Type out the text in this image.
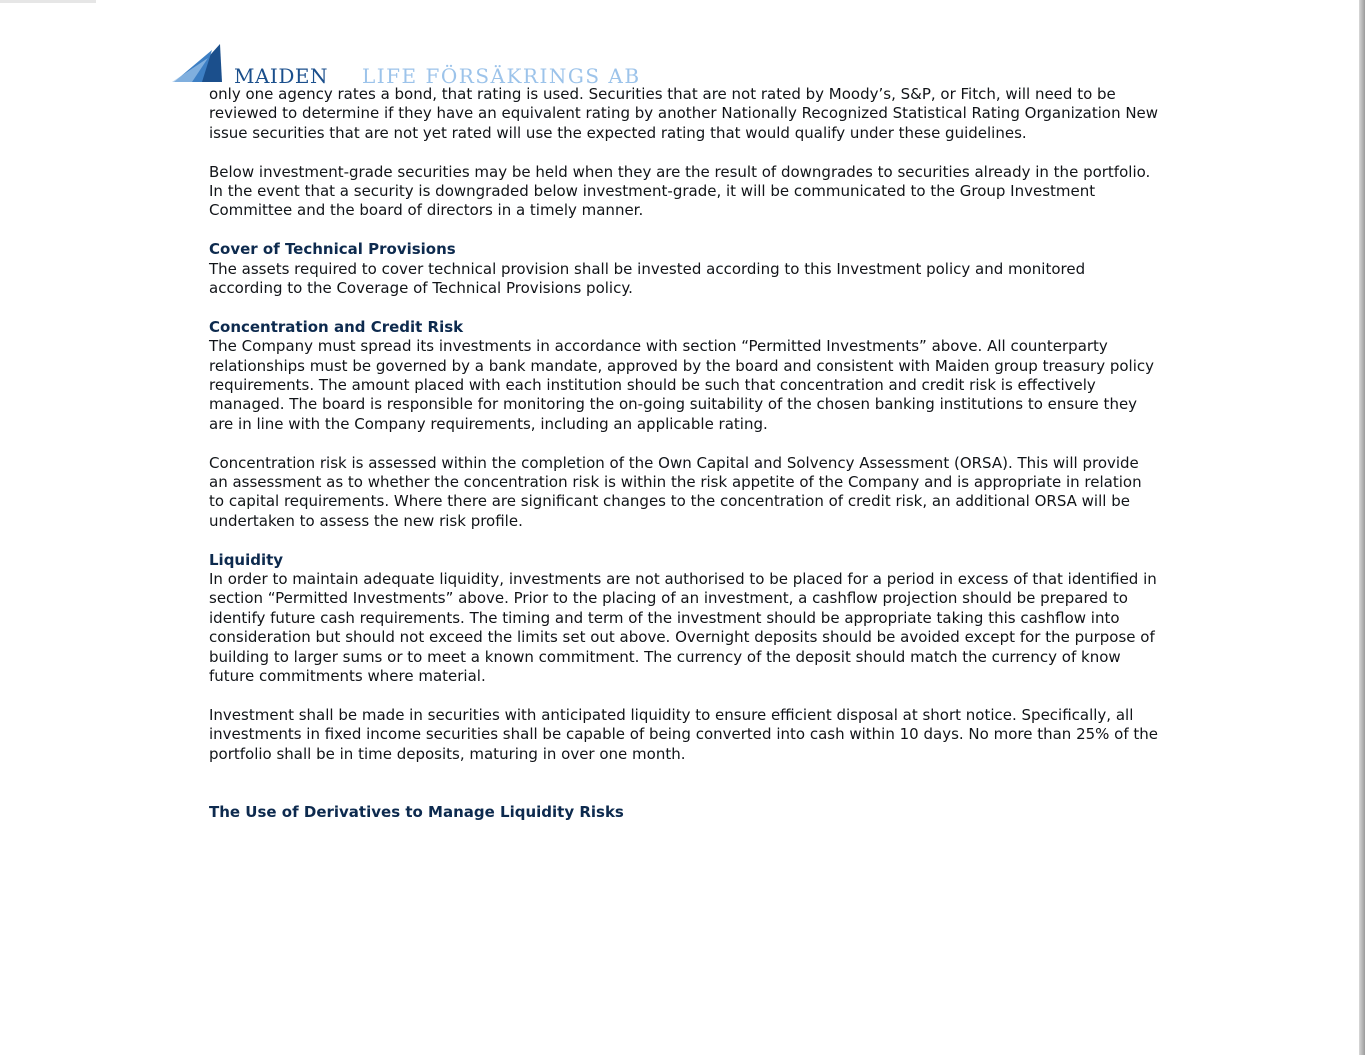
MAIDEN LIFE FÖRSÄKRINGS AB

only one agency rates a bond, that rating is used. Securities that are not rated by Moody’s, S&P, or Fitch, will need to be reviewed to determine if they have an equivalent rating by another Nationally Recognized Statistical Rating Organization New issue securities that are not yet rated will use the expected rating that would qualify under these guidelines.

Below investment-grade securities may be held when they are the result of downgrades to securities already in the portfolio. In the event that a security is downgraded below investment-grade, it will be communicated to the Group Investment Committee and the board of directors in a timely manner.

Cover of Technical Provisions

The assets required to cover technical provision shall be invested according to this Investment policy and monitored according to the Coverage of Technical Provisions policy.

Concentration and Credit Risk

The Company must spread its investments in accordance with section “Permitted Investments” above. All counterparty relationships must be governed by a bank mandate, approved by the board and consistent with Maiden group treasury policy requirements. The amount placed with each institution should be such that concentration and credit risk is effectively managed. The board is responsible for monitoring the on-going suitability of the chosen banking institutions to ensure they are in line with the Company requirements, including an applicable rating.

Concentration risk is assessed within the completion of the Own Capital and Solvency Assessment (ORSA). This will provide an assessment as to whether the concentration risk is within the risk appetite of the Company and is appropriate in relation to capital requirements. Where there are significant changes to the concentration of credit risk, an additional ORSA will be undertaken to assess the new risk profile.

Liquidity

In order to maintain adequate liquidity, investments are not authorised to be placed for a period in excess of that identified in section “Permitted Investments” above. Prior to the placing of an investment, a cashflow projection should be prepared to identify future cash requirements. The timing and term of the investment should be appropriate taking this cashflow into consideration but should not exceed the limits set out above. Overnight deposits should be avoided except for the purpose of building to larger sums or to meet a known commitment. The currency of the deposit should match the currency of know future commitments where material.

Investment shall be made in securities with anticipated liquidity to ensure efficient disposal at short notice. Specifically, all investments in fixed income securities shall be capable of being converted into cash within 10 days. No more than 25% of the portfolio shall be in time deposits, maturing in over one month.

The Use of Derivatives to Manage Liquidity Risks
